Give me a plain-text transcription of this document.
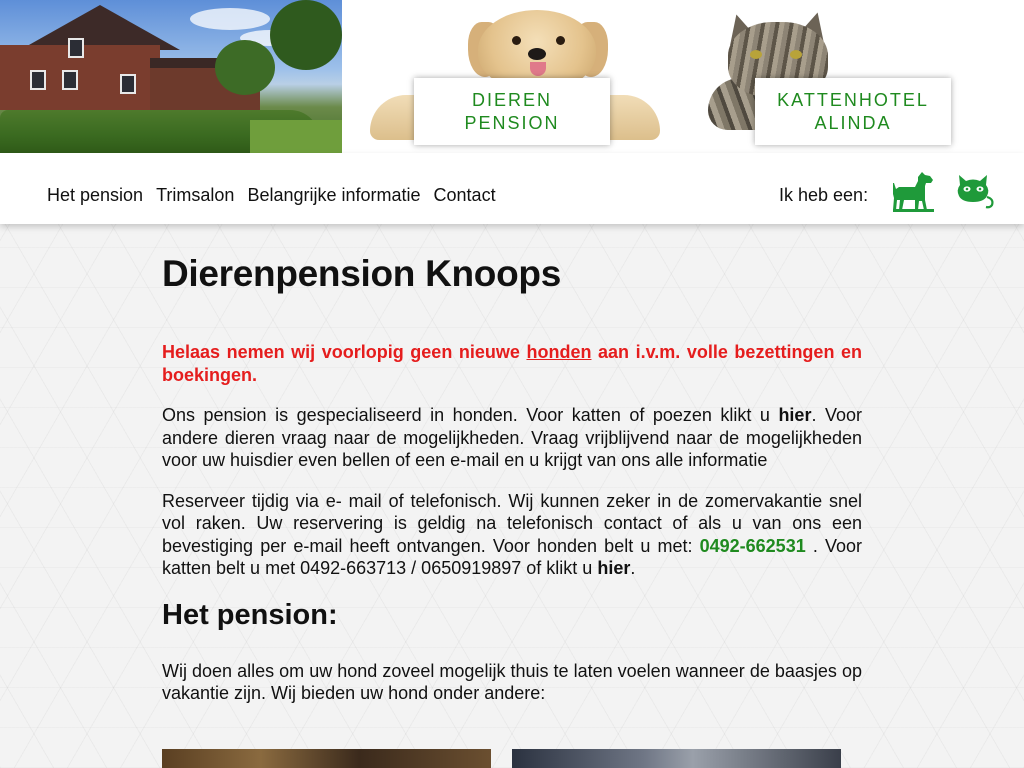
DIEREN
PENSION
KATTENHOTEL
ALINDA
Het pension Trimsalon Belangrijke informatie Contact	Ik heb een:
Dierenpension Knoops

Helaas nemen wij voorlopig geen nieuwe honden aan i.v.m. volle bezettingen en boekingen.

Ons pension is gespecialiseerd in honden. Voor katten of poezen klikt u hier. Voor andere dieren vraag naar de mogelijkheden. Vraag vrijblijvend naar de mogelijkheden voor uw huisdier even bellen of een e-mail en u krijgt van ons alle informatie

Reserveer tijdig via e- mail of telefonisch. Wij kunnen zeker in de zomervakantie snel vol raken. Uw reservering is geldig na telefonisch contact of als u van ons een bevestiging per e-mail heeft ontvangen. Voor honden belt u met: 0492-662531 . Voor katten belt u met 0492-663713 / 0650919897 of klikt u hier.

Het pension:

Wij doen alles om uw hond zoveel mogelijk thuis te laten voelen wanneer de baasjes op vakantie zijn. Wij bieden uw hond onder andere:
